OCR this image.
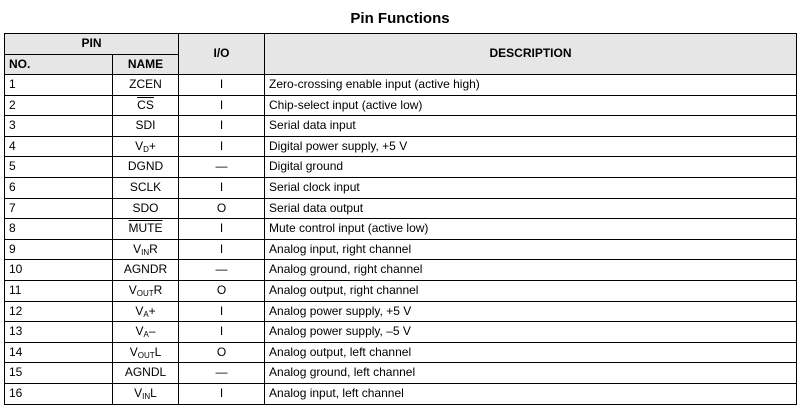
Pin Functions
PIN		I/O	DESCRIPTION
NO.	NAME		
1	ZCEN	I	Zero-crossing enable input (active high)
2	$\overline{CS}$	I	Chip-select input (active low)
3	SDI	I	Serial data input
4	$V_D+$	I	Digital power supply, +5 V
5	DGND	—	Digital ground
6	SCLK	I	Serial clock input
7	SDO	O	Serial data output
8	MUTE	I	Mute control input (active low)
9	$V_{IN}R$	I	Analog input, right channel
10	AGNDR	—	Analog ground, right channel
11	$V_{OUT}R$	O	Analog output, right channel
12	$V_A+$	I	Analog power supply, +5 V
13	$V_A-$	I	Analog power supply, –5 V
14	$V_{OUT}L$	O	Analog output, left channel
15	AGNDL	—	Analog ground, left channel
16	$V_{IN}L$	I	Analog input, left channel
